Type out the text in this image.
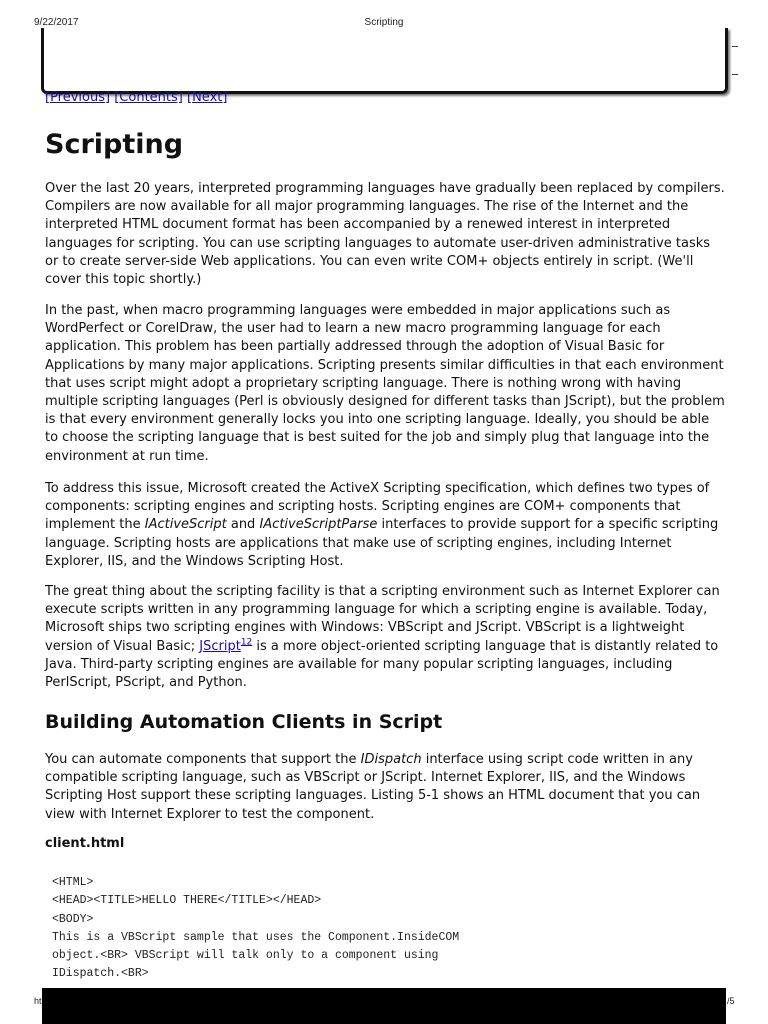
9/22/2017	Scripting
[Previous] [Contents] [Next]
Scripting

Over the last 20 years, interpreted programming languages have gradually been replaced by compilers. Compilers are now available for all major programming languages. The rise of the Internet and the interpreted HTML document format has been accompanied by a renewed interest in interpreted languages for scripting. You can use scripting languages to automate user-driven administrative tasks or to create server-side Web applications. You can even write COM+ objects entirely in script. (We'll cover this topic shortly.)

In the past, when macro programming languages were embedded in major applications such as WordPerfect or CorelDraw, the user had to learn a new macro programming language for each application. This problem has been partially addressed through the adoption of Visual Basic for Applications by many major applications. Scripting presents similar difficulties in that each environment that uses script might adopt a proprietary scripting language. There is nothing wrong with having multiple scripting languages (Perl is obviously designed for different tasks than JScript), but the problem is that every environment generally locks you into one scripting language. Ideally, you should be able to choose the scripting language that is best suited for the job and simply plug that language into the environment at run time.

To address this issue, Microsoft created the ActiveX Scripting specification, which defines two types of components: scripting engines and scripting hosts. Scripting engines are COM+ components that implement the IActiveScript and IActiveScriptParse interfaces to provide support for a specific scripting language. Scripting hosts are applications that make use of scripting engines, including Internet Explorer, IIS, and the Windows Scripting Host.

The great thing about the scripting facility is that a scripting environment such as Internet Explorer can execute scripts written in any programming language for which a scripting engine is available. Today, Microsoft ships two scripting engines with Windows: VBScript and JScript. VBScript is a lightweight version of Visual Basic; JScript$^{12}$ is a more object-oriented scripting language that is distantly related to Java. Third-party scripting engines are available for many popular scripting languages, including PerlScript, PScript, and Python.

Building Automation Clients in Script

You can automate components that support the IDispatch interface using script code written in any compatible scripting language, such as VBScript or JScript. Internet Explorer, IIS, and the Windows Scripting Host support these scripting languages. Listing 5-1 shows an HTML document that you can view with Internet Explorer to test the component.

client.html
<HTML>
<HEAD><TITLE>HELLO THERE</TITLE></HEAD>
<BODY>
This is a VBScript sample that uses the Component.InsideCOM
object.<BR> VBScript will talk only to a component using
IDispatch.<BR>
ht	/5
